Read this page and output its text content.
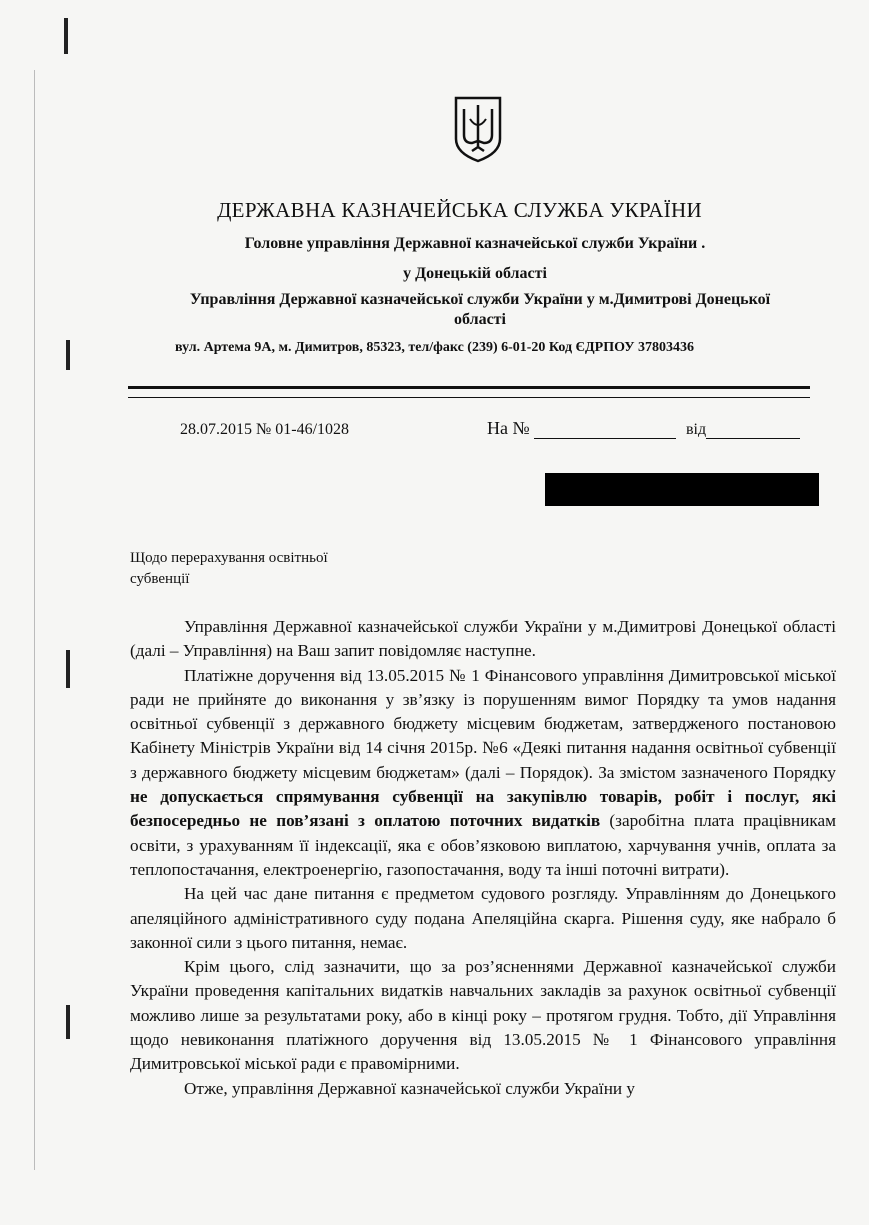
ДЕРЖАВНА КАЗНАЧЕЙСЬКА СЛУЖБА УКРАЇНИ
Головне управління Державної казначейської служби України .
у Донецькій області
Управління Державної казначейської служби України у м.Димитрові Донецької
області
вул. Артема 9А, м. Димитров, 85323, тел/факс (239) 6-01-20 Код ЄДРПОУ 37803436
28.07.2015 № 01-46/1028	На №	від
Щодо перерахування освітньої
субвенції

Управління Державної казначейської служби України у м.Димитрові Донецької області (далі – Управління) на Ваш запит повідомляє наступне.

Платіжне доручення від 13.05.2015 № 1 Фінансового управління Димитровської міської ради не прийняте до виконання у зв’язку із порушенням вимог Порядку та умов надання освітньої субвенції з державного бюджету місцевим бюджетам, затвердженого постановою Кабінету Міністрів України від 14 січня 2015р. №6 «Деякі питання надання освітньої субвенції з державного бюджету місцевим бюджетам» (далі – Порядок). За змістом зазначеного Порядку не допускається спрямування субвенції на закупівлю товарів, робіт і послуг, які безпосередньо не пов’язані з оплатою поточних видатків (заробітна плата працівникам освіти, з урахуванням її індексації, яка є обов’язковою виплатою, харчування учнів, оплата за теплопостачання, електроенергію, газопостачання, воду та інші поточні витрати).

На цей час дане питання є предметом судового розгляду. Управлінням до Донецького апеляційного адміністративного суду подана Апеляційна скарга. Рішення суду, яке набрало б законної сили з цього питання, немає.

Крім цього, слід зазначити, що за роз’ясненнями Державної казначейської служби України проведення капітальних видатків навчальних закладів за рахунок освітньої субвенції можливо лише за результатами року, або в кінці року – протягом грудня. Тобто, дії Управління щодо невиконання платіжного доручення від 13.05.2015 № 1 Фінансового управління Димитровської міської ради є правомірними.

Отже, управління Державної казначейської служби України у
